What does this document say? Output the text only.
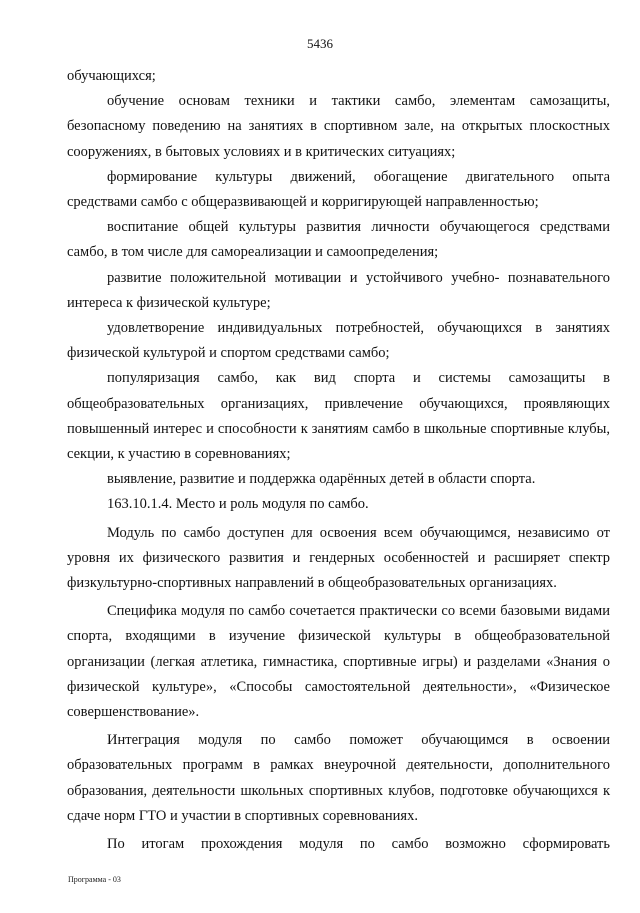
5436

обучающихся;

обучение основам техники и тактики самбо, элементам самозащиты, безопасному поведению на занятиях в спортивном зале, на открытых плоскостных сооружениях, в бытовых условиях и в критических ситуациях;

формирование культуры движений, обогащение двигательного опыта средствами самбо с общеразвивающей и корригирующей направленностью;

воспитание общей культуры развития личности обучающегося средствами самбо, в том числе для самореализации и самоопределения;

развитие положительной мотивации и устойчивого учебно- познавательного интереса к физической культуре;

удовлетворение индивидуальных потребностей, обучающихся в занятиях физической культурой и спортом средствами самбо;

популяризация самбо, как вид спорта и системы самозащиты в общеобразовательных организациях, привлечение обучающихся, проявляющих повышенный интерес и способности к занятиям самбо в школьные спортивные клубы, секции, к участию в соревнованиях;

выявление, развитие и поддержка одарённых детей в области спорта.

163.10.1.4. Место и роль модуля по самбо.

Модуль по самбо доступен для освоения всем обучающимся, независимо от уровня их физического развития и гендерных особенностей и расширяет спектр физкультурно-спортивных направлений в общеобразовательных организациях.

Специфика модуля по самбо сочетается практически со всеми базовыми видами спорта, входящими в изучение физической культуры в общеобразовательной организации (легкая атлетика, гимнастика, спортивные игры) и разделами «Знания о физической культуре», «Способы самостоятельной деятельности», «Физическое совершенствование».

Интеграция модуля по самбо поможет обучающимся в освоении образовательных программ в рамках внеурочной деятельности, дополнительного образования, деятельности школьных спортивных клубов, подготовке обучающихся к сдаче норм ГТО и участии в спортивных соревнованиях.

По итогам прохождения модуля по самбо возможно сформировать

Программа - 03
